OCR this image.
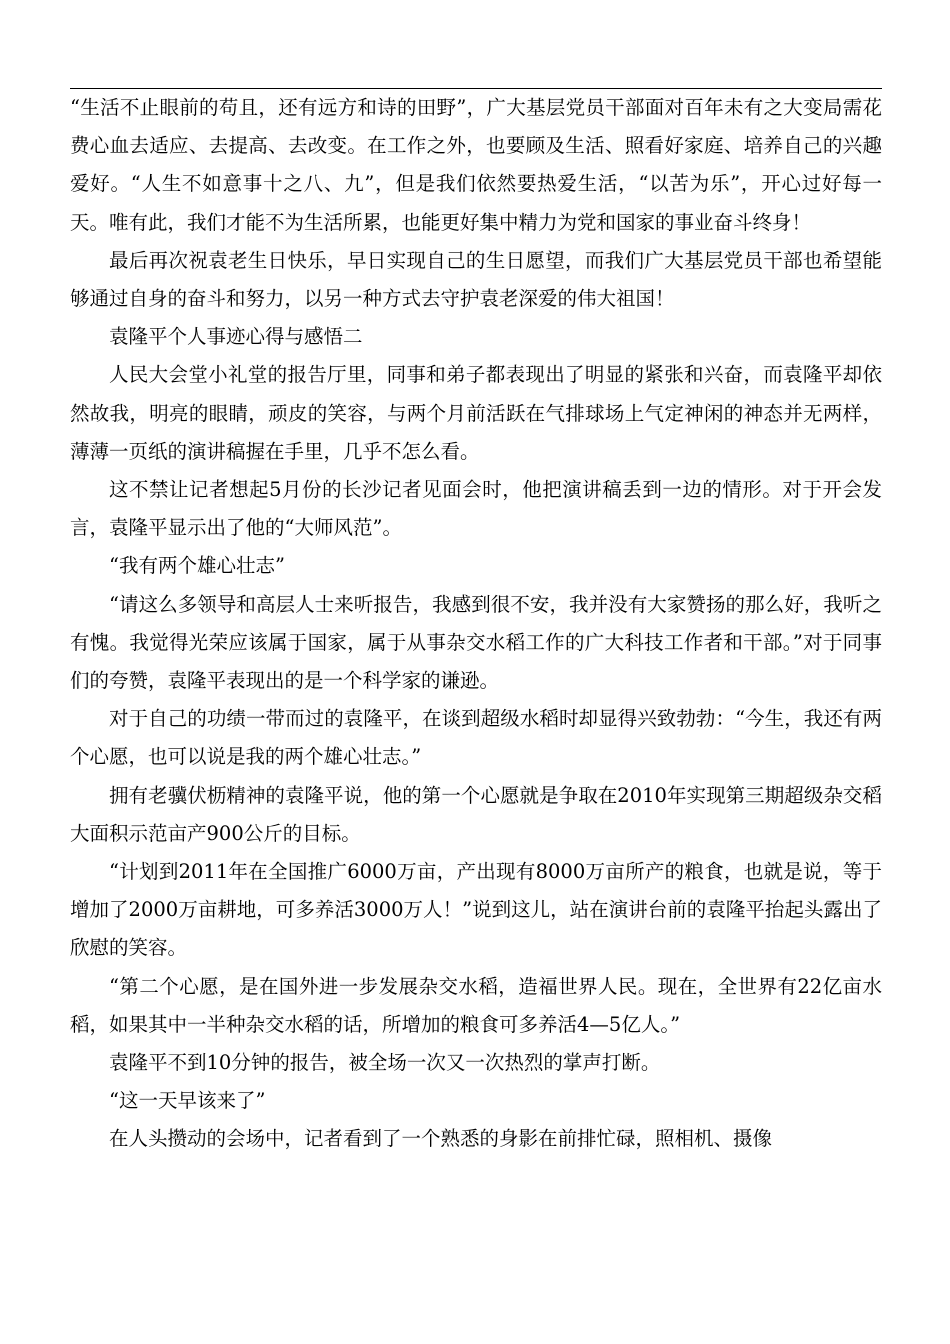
“生活不止眼前的苟且，还有远方和诗的田野”，广大基层党员干部面对百年未有之大变局需花费心血去适应、去提高、去改变。在工作之外，也要顾及生活、照看好家庭、培养自己的兴趣爱好。“人生不如意事十之八、九”，但是我们依然要热爱生活，“以苦为乐”，开心过好每一天。唯有此，我们才能不为生活所累，也能更好集中精力为党和国家的事业奋斗终身！

最后再次祝袁老生日快乐，早日实现自己的生日愿望，而我们广大基层党员干部也希望能够通过自身的奋斗和努力，以另一种方式去守护袁老深爱的伟大祖国！

袁隆平个人事迹心得与感悟二

人民大会堂小礼堂的报告厅里，同事和弟子都表现出了明显的紧张和兴奋，而袁隆平却依然故我，明亮的眼睛，顽皮的笑容，与两个月前活跃在气排球场上气定神闲的神态并无两样，薄薄一页纸的演讲稿握在手里，几乎不怎么看。

这不禁让记者想起5月份的长沙记者见面会时，他把演讲稿丢到一边的情形。对于开会发言，袁隆平显示出了他的“大师风范”。

“我有两个雄心壮志”

“请这么多领导和高层人士来听报告，我感到很不安，我并没有大家赞扬的那么好，我听之有愧。我觉得光荣应该属于国家，属于从事杂交水稻工作的广大科技工作者和干部。”对于同事们的夸赞，袁隆平表现出的是一个科学家的谦逊。

对于自己的功绩一带而过的袁隆平，在谈到超级水稻时却显得兴致勃勃：“今生，我还有两个心愿，也可以说是我的两个雄心壮志。”

拥有老骥伏枥精神的袁隆平说，他的第一个心愿就是争取在2010年实现第三期超级杂交稻大面积示范亩产900公斤的目标。

“计划到2011年在全国推广6000万亩，产出现有8000万亩所产的粮食，也就是说，等于增加了2000万亩耕地，可多养活3000万人！”说到这儿，站在演讲台前的袁隆平抬起头露出了欣慰的笑容。

“第二个心愿，是在国外进一步发展杂交水稻，造福世界人民。现在，全世界有22亿亩水稻，如果其中一半种杂交水稻的话，所增加的粮食可多养活4—5亿人。”

袁隆平不到10分钟的报告，被全场一次又一次热烈的掌声打断。

“这一天早该来了”

在人头攒动的会场中，记者看到了一个熟悉的身影在前排忙碌，照相机、摄像
